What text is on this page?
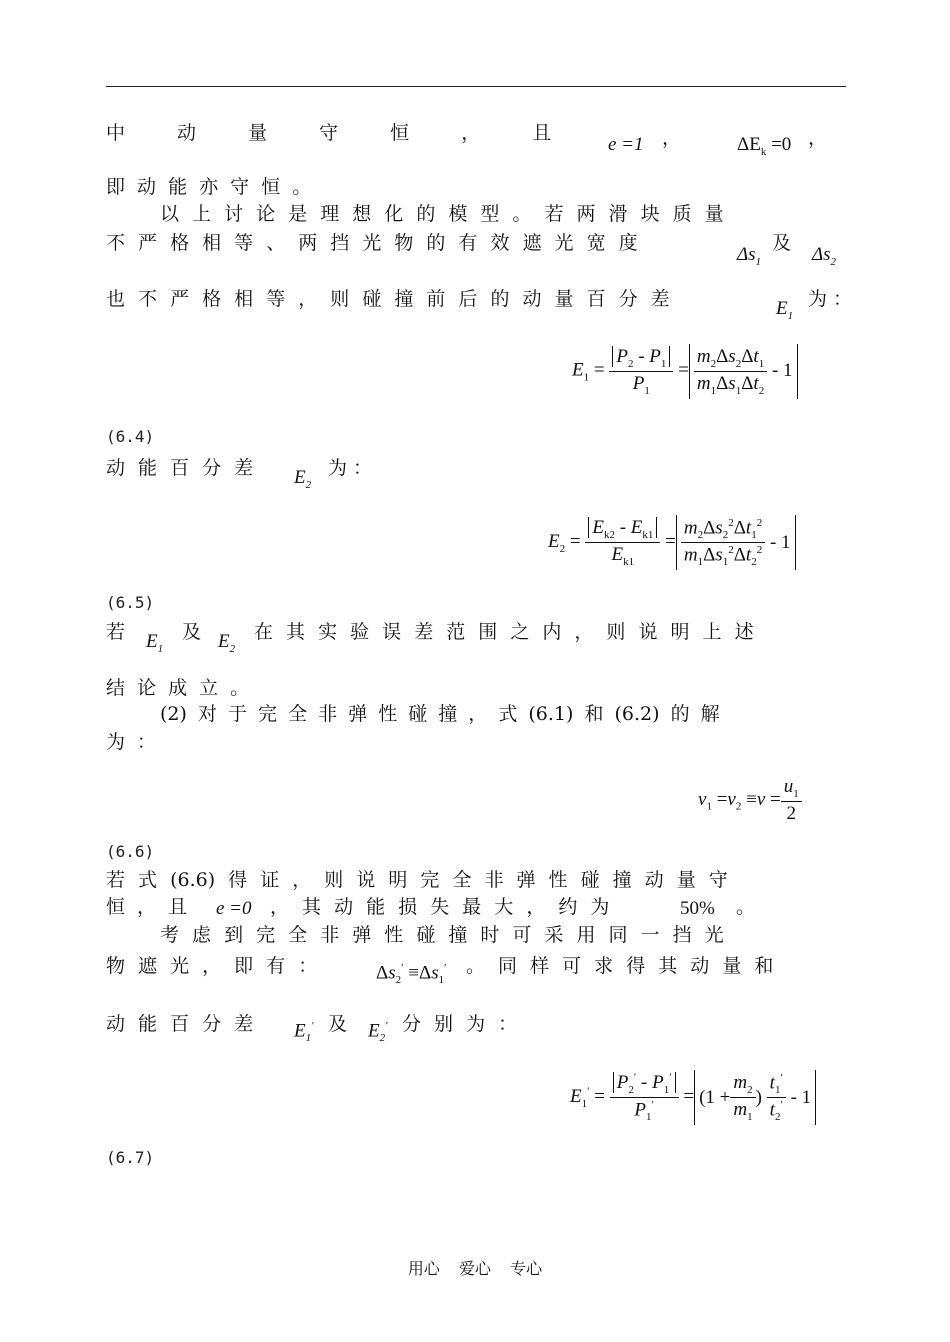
中 动 量 守 恒 ， 且
e =1 ，	$\Delta E_k =0$ ，
即 动 能 亦 守 恒 。
以 上 讨 论 是 理 想 化 的 模 型 。 若 两 滑 块 质 量
不 严 格 相 等 、 两 挡 光 物 的 有 效 遮 光 宽 度
$\Delta s_1$
及
$\Delta s_2$
也 不 严 格 相 等 ， 则 碰 撞 前 后 的 动 量 百 分 差	$E_1$
为 ：
$E_1 = \frac{P_2 - P_1}{P_1} = \frac{m_2\Delta s_2\Delta t_1}{m_1\Delta s_1\Delta t_2} - 1$
(6.4)
动 能 百 分 差 $E_2$
为 ：
$E_2 = \frac{E_{k2} - E_{k1}}{E_{k1}} = \frac{m_2\Delta s_2^2\Delta t_1^2}{m_1\Delta s_1^2\Delta t_2^2} - 1$
(6.5)
若 $E_1$
及 $E_2$
在 其 实 验 误 差 范 围 之 内 ， 则 说 明 上 述
结 论 成 立 。
(2) 对 于 完 全 非 弹 性 碰 撞 ， 式 (6.1) 和 (6.2) 的 解
为 ：
$v_1 =v_2 \equiv v = \frac{u_1}{2}$
(6.6)
若 式 (6.6) 得 证 ， 则 说 明 完 全 非 弹 性 碰 撞 动 量 守
恒 ， 且 e =0 ， 其 动 能 损 失 最 大 ， 约 为	50% 。
考 虑 到 完 全 非 弹 性 碰 撞 时 可 采 用 同 一 挡 光
物 遮 光 ， 即 有 ：	$\Delta s_2' \equiv\Delta s_1'$ 。 同 样 可 求 得 其 动 量 和
动 能 百 分 差 $E_1'$ 及 $E_2'$ 分 别 为 ：
$E_1' = \frac{P_2' - P_1'}{P_1'} = (1 + \frac{m_2}{m_1}$ ) $\frac{t_1'}{t_2'} - 1$
(6.7)
用心 爱心 专心
